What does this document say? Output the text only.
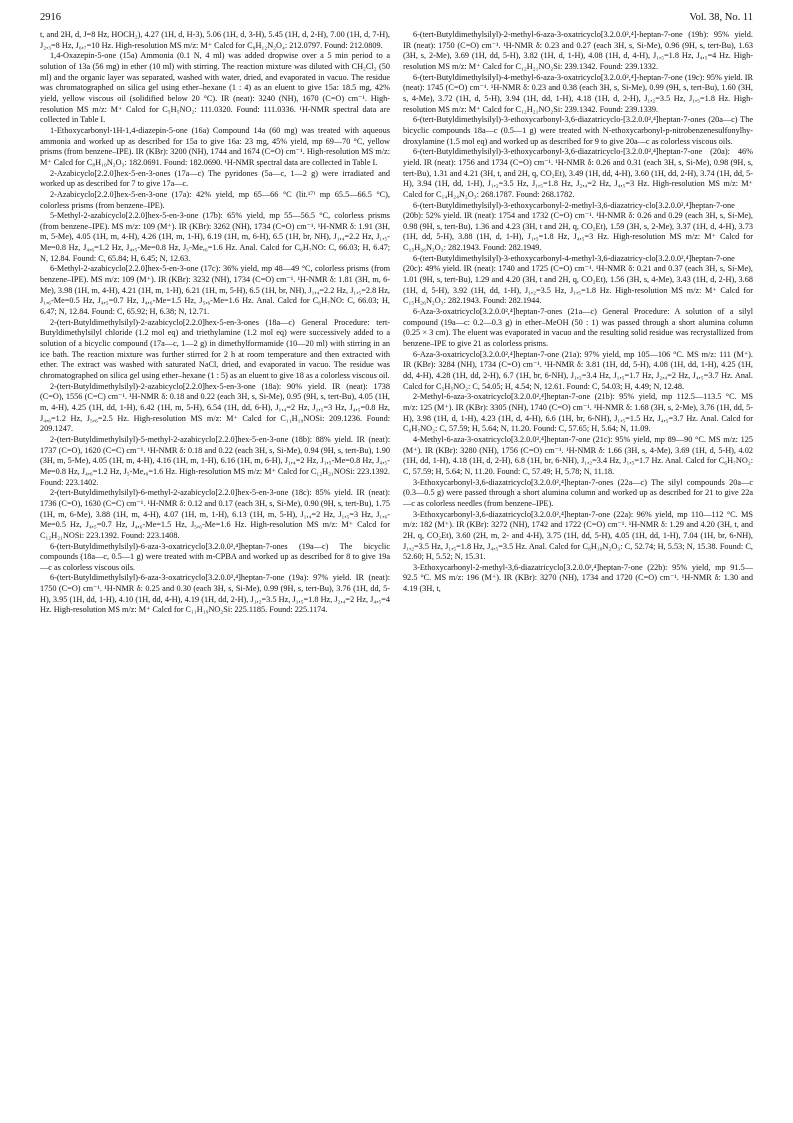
2916	Vol. 38, No. 11

t, and 2H, d, J=8 Hz, HOCH₂), 4.27 (1H, d, H-3), 5.06 (1H, d, 3-H), 5.45 (1H, d, 2-H), 7.00 (1H, d, 7-H), J₂,₃=8 Hz, J₆,₇=10 Hz. High-resolution MS m/z: M⁺ Calcd for C₉H₁₂N₂O₄: 212.0797. Found: 212.0809.

1,4-Oxazepin-5-one (15a) Ammonia (0.1 N, 4 ml) was added dropwise over a 5 min period to a solution of 13a (56 mg) in ether (10 ml) with stirring. The reaction mixture was diluted with CH₂Cl₂ (50 ml) and the organic layer was separated, washed with water, dried, and evaporated in vacuo. The residue was chromatographed on silica gel using ether–hexane (1 : 4) as an eluent to give 15a: 18.5 mg, 42% yield, yellow viscous oil (solidified below 20 °C). IR (neat): 3240 (NH), 1670 (C=O) cm⁻¹. High-resolution MS m/z: M⁺ Calcd for C₅H₅NO₂: 111.0320. Found: 111.0336. ¹H-NMR spectral data are collected in Table I.

1-Ethoxycarbonyl-1H-1,4-diazepin-5-one (16a) Compound 14a (60 mg) was treated with aqueous ammonia and worked up as described for 15a to give 16a: 23 mg, 45% yield, mp 69—70 °C, yellow prisms (from benzene–IPE). IR (KBr): 3200 (NH), 1744 and 1674 (C=O) cm⁻¹. High-resolution MS m/z: M⁺ Calcd for C₈H₁₀N₂O₃: 182.0691. Found: 182.0690. ¹H-NMR spectral data are collected in Table I.

2-Azabicyclo[2.2.0]hex-5-en-3-ones (17a—c) The pyridones (5a—c, 1—2 g) were irradiated and worked up as described for 7 to give 17a—c.

2-Azabicyclo[2.2.0]hex-5-en-3-one (17a): 42% yield, mp 65—66 °C (lit.¹⁷⁾ mp 65.5—66.5 °C), colorless prisms (from benzene–IPE).

5-Methyl-2-azabicyclo[2.2.0]hex-5-en-3-one (17b): 65% yield, mp 55—56.5 °C, colorless prisms (from benzene–IPE). MS m/z: 109 (M⁺). IR (KBr): 3262 (NH), 1734 (C=O) cm⁻¹. ¹H-NMR δ: 1.91 (3H, m, 5-Me), 4.05 (1H, m, 4-H), 4.26 (1H, m, 1-H), 6.19 (1H, m, 6-H), 6.5 (1H, br, NH), J₁,₄=2.2 Hz, J₁,₅-Me=0.8 Hz, J₄,₆=1.2 Hz, J₄,₅-Me=0.8 Hz, J₅-Me,₆=1.6 Hz. Anal. Calcd for C₆H₇NO: C, 66.03; H, 6.47; N, 12.84. Found: C, 65.84; H, 6.45; N, 12.63.

6-Methyl-2-azabicyclo[2.2.0]hex-5-en-3-one (17c): 36% yield, mp 48—49 °C, colorless prisms (from benzene–IPE). MS m/z: 109 (M⁺). IR (KBr): 3232 (NH), 1734 (C=O) cm⁻¹. ¹H-NMR δ: 1.81 (3H, m, 6-Me), 3.98 (1H, m, 4-H), 4.21 (1H, m, 1-H), 6.21 (1H, m, 5-H), 6.5 (1H, br, NH), J₁,₄=2.2 Hz, J₁,₅=2.8 Hz, J₁,₆-Me=0.5 Hz, J₄,₅=0.7 Hz, J₄,₆-Me=1.5 Hz, J₅,₆-Me=1.6 Hz. Anal. Calcd for C₆H₇NO: C, 66.03; H, 6.47; N, 12.84. Found: C, 65.92; H, 6.38; N, 12.71.

2-(tert-Butyldimethylsilyl)-2-azabicyclo[2.2.0]hex-5-en-3-ones (18a—c) General Procedure: tert-Butyldimethylsilyl chloride (1.2 mol eq) and triethylamine (1.2 mol eq) were successively added to a solution of a bicyclic compound (17a—c, 1—2 g) in dimethylformamide (10—20 ml) with stirring in an ice bath. The reaction mixture was further stirred for 2 h at room temperature and then extracted with ether. The extract was washed with saturated NaCl, dried, and evaporated in vacuo. The residue was chromatographed on silica gel using ether–hexane (1 : 5) as an eluent to give 18 as a colorless viscous oil.

2-(tert-Butyldimethylsilyl)-2-azabicyclo[2.2.0]hex-5-en-3-one (18a): 90% yield. IR (neat): 1738 (C=O), 1556 (C=C) cm⁻¹. ¹H-NMR δ: 0.18 and 0.22 (each 3H, s, Si-Me), 0.95 (9H, s, tert-Bu), 4.05 (1H, m, 4-H), 4.25 (1H, dd, 1-H), 6.42 (1H, m, 5-H), 6.54 (1H, dd, 6-H), J₁,₄=2 Hz, J₁,₅=3 Hz, J₄,₅=0.8 Hz, J₄,₆=1.2 Hz, J₅,₆=2.5 Hz. High-resolution MS m/z: M⁺ Calcd for C₁₁H₁₉NOSi: 209.1236. Found: 209.1247.

2-(tert-Butyldimethylsilyl)-5-methyl-2-azabicyclo[2.2.0]hex-5-en-3-one (18b): 88% yield. IR (neat): 1737 (C=O), 1620 (C=C) cm⁻¹. ¹H-NMR δ: 0.18 and 0.22 (each 3H, s, Si-Me), 0.94 (9H, s, tert-Bu), 1.90 (3H, m, 5-Me), 4.05 (1H, m, 4-H), 4.16 (1H, m, 1-H), 6.16 (1H, m, 6-H), J₁,₄=2 Hz, J₁,₅-Me=0.8 Hz, J₄,₅-Me=0.8 Hz, J₄,₆=1.2 Hz, J₅-Me,₆=1.6 Hz. High-resolution MS m/z: M⁺ Calcd for C₁₂H₂₁NOSi: 223.1392. Found: 223.1402.

2-(tert-Butyldimethylsilyl)-6-methyl-2-azabicyclo[2.2.0]hex-5-en-3-one (18c): 85% yield. IR (neat): 1736 (C=O), 1630 (C=C) cm⁻¹. ¹H-NMR δ: 0.12 and 0.17 (each 3H, s, Si-Me), 0.90 (9H, s, tert-Bu), 1.75 (1H, m, 6-Me), 3.88 (1H, m, 4-H), 4.07 (1H, m, 1-H), 6.13 (1H, m, 5-H), J₁,₄=2 Hz, J₁,₅=3 Hz, J₁,₆-Me=0.5 Hz, J₄,₅=0.7 Hz, J₄,₆-Me=1.5 Hz, J₅,₆-Me=1.6 Hz. High-resolution MS m/z: M⁺ Calcd for C₁₂H₂₁NOSi: 223.1392. Found: 223.1408.

6-(tert-Butyldimethylsilyl)-6-aza-3-oxatricyclo[3.2.0.0²,⁴]heptan-7-ones (19a—c) The bicyclic compounds (18a—c, 0.5—1 g) were treated with m-CPBA and worked up as described for 8 to give 19a—c as colorless viscous oils.

6-(tert-Butyldimethylsilyl)-6-aza-3-oxatricyclo[3.2.0.0²,⁴]heptan-7-one (19a): 97% yield. IR (neat): 1750 (C=O) cm⁻¹. ¹H-NMR δ: 0.25 and 0.30 (each 3H, s, Si-Me), 0.99 (9H, s, tert-Bu), 3.76 (1H, dd, 5-H), 3.95 (1H, dd, 1-H), 4.10 (1H, dd, 4-H), 4.19 (1H, dd, 2-H), J₁,₂=3.5 Hz, J₁,₅=1.8 Hz, J₂,₄=2 Hz, J₄,₅=4 Hz. High-resolution MS m/z: M⁺ Calcd for C₁₁H₁₉NO₂Si: 225.1185. Found: 225.1174.

6-(tert-Butyldimethylsilyl)-2-methyl-6-aza-3-oxatricyclo[3.2.0.0²,⁴]-heptan-7-one (19b): 95% yield. IR (neat): 1750 (C=O) cm⁻¹. ¹H-NMR δ: 0.23 and 0.27 (each 3H, s, Si-Me), 0.96 (9H, s, tert-Bu), 1.63 (3H, s, 2-Me), 3.69 (1H, dd, 5-H), 3.82 (1H, d, 1-H), 4.08 (1H, d, 4-H), J₁,₅=1.8 Hz, J₄,₅=4 Hz. High-resolution MS m/z: M⁺ Calcd for C₁₂H₂₁NO₂Si: 239.1342. Found: 239.1332.

6-(tert-Butyldimethylsilyl)-4-methyl-6-aza-3-oxatricyclo[3.2.0.0²,⁴]-heptan-7-one (19c): 95% yield. IR (neat): 1745 (C=O) cm⁻¹. ¹H-NMR δ: 0.23 and 0.38 (each 3H, s, Si-Me), 0.99 (9H, s, tert-Bu), 1.60 (3H, s, 4-Me), 3.72 (1H, d, 5-H), 3.94 (1H, dd, 1-H), 4.18 (1H, d, 2-H), J₁,₂=3.5 Hz, J₁,₅=1.8 Hz. High-resolution MS m/z: M⁺ Calcd for C₁₂H₂₁NO₂Si: 239.1342. Found: 239.1339.

6-(tert-Butyldimethylsilyl)-3-ethoxycarbonyl-3,6-diazatricyclo-[3.2.0.0²,⁴]heptan-7-ones (20a—c) The bicyclic compounds 18a—c (0.5—1 g) were treated with N-ethoxycarbonyl-p-nitrobenzenesulfonylhy-droxylamine (1.5 mol eq) and worked up as described for 9 to give 20a—c as colorless viscous oils.

6-(tert-Butyldimethylsilyl)-3-ethoxycarbonyl-3,6-diazatricyclo-[3.2.0.0²,⁴]heptan-7-one (20a): 46% yield. IR (neat): 1756 and 1734 (C=O) cm⁻¹. ¹H-NMR δ: 0.26 and 0.31 (each 3H, s, Si-Me), 0.98 (9H, s, tert-Bu), 1.31 and 4.21 (3H, t, and 2H, q, CO₂Et), 3.49 (1H, dd, 4-H), 3.60 (1H, dd, 2-H), 3.74 (1H, dd, 5-H), 3.94 (1H, dd, 1-H), J₁,₂=3.5 Hz, J₁,₅=1.8 Hz, J₂,₄=2 Hz, J₄,₅=3 Hz. High-resolution MS m/z: M⁺ Calcd for C₁₄H₂₄N₂O₃: 268.1787. Found: 268.1782.

6-(tert-Butyldimethylsilyl)-3-ethoxycarbonyl-2-methyl-3,6-diazatricy-clo[3.2.0.0²,⁴]heptan-7-one (20b): 52% yield. IR (neat): 1754 and 1732 (C=O) cm⁻¹. ¹H-NMR δ: 0.26 and 0.29 (each 3H, s, Si-Me), 0.98 (9H, s, tert-Bu), 1.36 and 4.23 (3H, t and 2H, q, CO₂Et), 1.59 (3H, s, 2-Me), 3.37 (1H, d, 4-H), 3.73 (1H, dd, 5-H), 3.88 (1H, d, 1-H), J₁,₅=1.8 Hz, J₄,₅=3 Hz. High-resolution MS m/z: M⁺ Calcd for C₁₅H₂₆N₂O₃: 282.1943. Found: 282.1949.

6-(tert-Butyldimethylsilyl)-3-ethoxycarbonyl-4-methyl-3,6-diazatricy-clo[3.2.0.0²,⁴]heptan-7-one (20c): 49% yield. IR (neat): 1740 and 1725 (C=O) cm⁻¹. ¹H-NMR δ: 0.21 and 0.37 (each 3H, s, Si-Me), 1.01 (9H, s, tert-Bu), 1.29 and 4.20 (3H, t and 2H, q, CO₂Et), 1.56 (3H, s, 4-Me), 3.43 (1H, d, 2-H), 3.68 (1H, d, 5-H), 3.92 (1H, dd, 1-H), J₁,₂=3.5 Hz, J₁,₅=1.8 Hz. High-resolution MS m/z: M⁺ Calcd for C₁₅H₂₆N₂O₃: 282.1943. Found: 282.1944.

6-Aza-3-oxatricyclo[3.2.0.0²,⁴]heptan-7-ones (21a—c) General Procedure: A solution of a silyl compound (19a—c: 0.2—0.3 g) in ether–MeOH (50 : 1) was passed through a short alumina column (0.25 × 3 cm). The eluent was evaporated in vacuo and the resulting solid residue was recrystallized from benzene–IPE to give 21 as colorless prisms.

6-Aza-3-oxatricyclo[3.2.0.0²,⁴]heptan-7-one (21a): 97% yield, mp 105—106 °C. MS m/z: 111 (M⁺). IR (KBr): 3284 (NH), 1734 (C=O) cm⁻¹. ¹H-NMR δ: 3.81 (1H, dd, 5-H), 4.08 (1H, dd, 1-H), 4.25 (1H, dd, 4-H), 4.28 (1H, dd, 2-H), 6.7 (1H, br, 6-NH), J₁,₂=3.4 Hz, J₁,₅=1.7 Hz, J₂,₄=2 Hz, J₄,₅=3.7 Hz. Anal. Calcd for C₅H₅NO₂: C, 54.05; H, 4.54; N, 12.61. Found: C, 54.03; H, 4.49; N, 12.48.

2-Methyl-6-aza-3-oxatricyclo[3.2.0.0²,⁴]heptan-7-one (21b): 95% yield, mp 112.5—113.5 °C. MS m/z: 125 (M⁺). IR (KBr): 3305 (NH), 1740 (C=O) cm⁻¹. ¹H-NMR δ: 1.68 (3H, s, 2-Me), 3.76 (1H, dd, 5-H), 3.98 (1H, d, 1-H), 4.23 (1H, d, 4-H), 6.6 (1H, br, 6-NH), J₁,₅=1.5 Hz, J₄,₅=3.7 Hz. Anal. Calcd for C₆H₇NO₂: C, 57.59; H, 5.64; N, 11.20. Found: C, 57.65; H, 5.64; N, 11.09.

4-Methyl-6-aza-3-oxatricyclo[3.2.0.0²,⁴]heptan-7-one (21c): 95% yield, mp 89—90 °C. MS m/z: 125 (M⁺). IR (KBr): 3280 (NH), 1756 (C=O) cm⁻¹. ¹H-NMR δ: 1.66 (3H, s, 4-Me), 3.69 (1H, d, 5-H), 4.02 (1H, dd, 1-H), 4.18 (1H, d, 2-H), 6.8 (1H, br, 6-NH), J₁,₂=3.4 Hz, J₁,₅=1.7 Hz. Anal. Calcd for C₆H₇NO₂: C, 57.59; H, 5.64; N, 11.20. Found: C, 57.49; H, 5.78; N, 11.18.

3-Ethoxycarbonyl-3,6-diazatricyclo[3.2.0.0²,⁴]heptan-7-ones (22a—c) The silyl compounds 20a—c (0.3—0.5 g) were passed through a short alumina column and worked up as described for 21 to give 22a—c as colorless needles (from benzene–IPE).

3-Ethoxycarbonyl-3,6-diazatricyclo[3.2.0.0²,⁴]heptan-7-one (22a): 96% yield, mp 110—112 °C. MS m/z: 182 (M⁺). IR (KBr): 3272 (NH), 1742 and 1722 (C=O) cm⁻¹. ¹H-NMR δ: 1.29 and 4.20 (3H, t, and 2H, q, CO₂Et), 3.60 (2H, m, 2- and 4-H), 3.75 (1H, dd, 5-H), 4.05 (1H, dd, 1-H), 7.04 (1H, br, 6-NH), J₁,₂=3.5 Hz, J₁,₅=1.8 Hz, J₄,₅=3.5 Hz. Anal. Calcd for C₈H₁₀N₂O₃: C, 52.74; H, 5.53; N, 15.38. Found: C, 52.60; H, 5.52; N, 15.31.

3-Ethoxycarbonyl-2-methyl-3,6-diazatricyclo[3.2.0.0²,⁴]heptan-7-one (22b): 95% yield, mp 91.5—92.5 °C. MS m/z: 196 (M⁺). IR (KBr): 3270 (NH), 1734 and 1720 (C=O) cm⁻¹. ¹H-NMR δ: 1.30 and 4.19 (3H, t,
